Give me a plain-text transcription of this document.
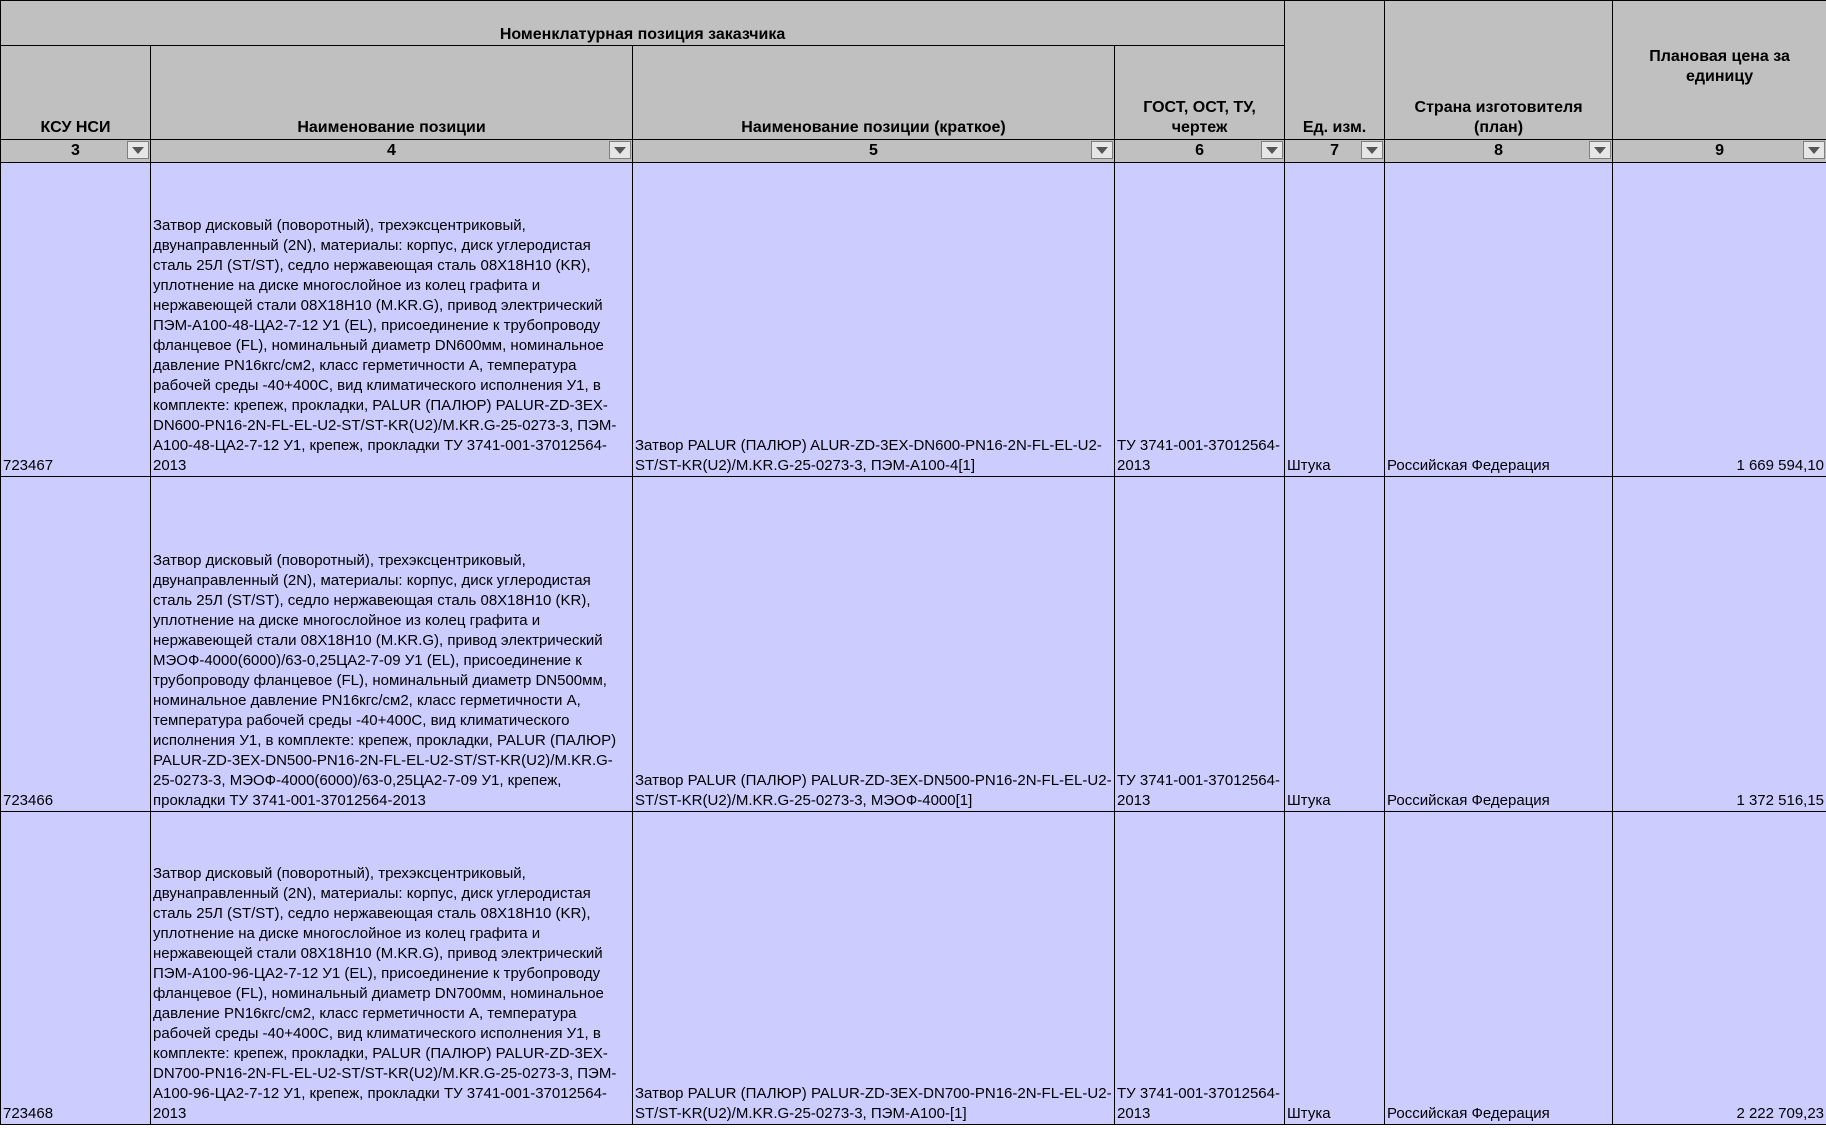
Номенклатурная позиция заказчика				Ед. изм.	Страна изготовителя (план)	Плановая цена за единицу
КСУ НСИ	Наименование позиции	Наименование позиции (краткое)	ГОСТ, ОСТ, ТУ, чертеж			
3	4	5	6	7	8	9

723467	Затвор дисковый (поворотный), трехэксцентриковый, двунаправленный (2N), материалы: корпус, диск углеродистая сталь 25Л (ST/ST), седло нержавеющая сталь 08Х18Н10 (KR), уплотнение на диске многослойное из колец графита и нержавеющей стали 08Х18Н10 (M.KR.G), привод электрический ПЭМ-А100-48-ЦА2-7-12 У1 (EL), присоединение к трубопроводу фланцевое (FL), номинальный диаметр DN600мм, номинальное давление PN16кгс/см2, класс герметичности А, температура рабочей среды -40+400С, вид климатического исполнения У1, в комплекте: крепеж, прокладки, PALUR (ПАЛЮР) PALUR-ZD-3EX-DN600-PN16-2N-FL-EL-U2-ST/ST-KR(U2)/M.KR.G-25-0273-3, ПЭМ-А100-48-ЦА2-7-12 У1, крепеж, прокладки ТУ 3741-001-37012564-2013	Затвор PALUR (ПАЛЮР) ALUR-ZD-3EX-DN600-PN16-2N-FL-EL-U2-ST/ST-KR(U2)/M.KR.G-25-0273-3, ПЭМ-А100-4[1]	ТУ 3741-001-37012564-2013	Штука	Российская Федерация	1 669 594,10
723466	Затвор дисковый (поворотный), трехэксцентриковый, двунаправленный (2N), материалы: корпус, диск углеродистая сталь 25Л (ST/ST), седло нержавеющая сталь 08Х18Н10 (KR), уплотнение на диске многослойное из колец графита и нержавеющей стали 08Х18Н10 (M.KR.G), привод электрический МЭОФ-4000(6000)/63-0,25ЦА2-7-09 У1 (EL), присоединение к трубопроводу фланцевое (FL), номинальный диаметр DN500мм, номинальное давление PN16кгс/см2, класс герметичности А, температура рабочей среды -40+400С, вид климатического исполнения У1, в комплекте: крепеж, прокладки, PALUR (ПАЛЮР) PALUR-ZD-3EX-DN500-PN16-2N-FL-EL-U2-ST/ST-KR(U2)/M.KR.G-25-0273-3, МЭОФ-4000(6000)/63-0,25ЦА2-7-09 У1, крепеж, прокладки ТУ 3741-001-37012564-2013	Затвор PALUR (ПАЛЮР) PALUR-ZD-3EX-DN500-PN16-2N-FL-EL-U2-ST/ST-KR(U2)/M.KR.G-25-0273-3, МЭОФ-4000[1]	ТУ 3741-001-37012564-2013	Штука	Российская Федерация	1 372 516,15
723468	Затвор дисковый (поворотный), трехэксцентриковый, двунаправленный (2N), материалы: корпус, диск углеродистая сталь 25Л (ST/ST), седло нержавеющая сталь 08Х18Н10 (KR), уплотнение на диске многослойное из колец графита и нержавеющей стали 08Х18Н10 (M.KR.G), привод электрический ПЭМ-А100-96-ЦА2-7-12 У1 (EL), присоединение к трубопроводу фланцевое (FL), номинальный диаметр DN700мм, номинальное давление PN16кгс/см2, класс герметичности А, температура рабочей среды -40+400С, вид климатического исполнения У1, в комплекте: крепеж, прокладки, PALUR (ПАЛЮР) PALUR-ZD-3EX-DN700-PN16-2N-FL-EL-U2-ST/ST-KR(U2)/M.KR.G-25-0273-3, ПЭМ-А100-96-ЦА2-7-12 У1, крепеж, прокладки ТУ 3741-001-37012564-2013	Затвор PALUR (ПАЛЮР) PALUR-ZD-3EX-DN700-PN16-2N-FL-EL-U2-ST/ST-KR(U2)/M.KR.G-25-0273-3, ПЭМ-А100-[1]	ТУ 3741-001-37012564-2013	Штука	Российская Федерация	2 222 709,23
